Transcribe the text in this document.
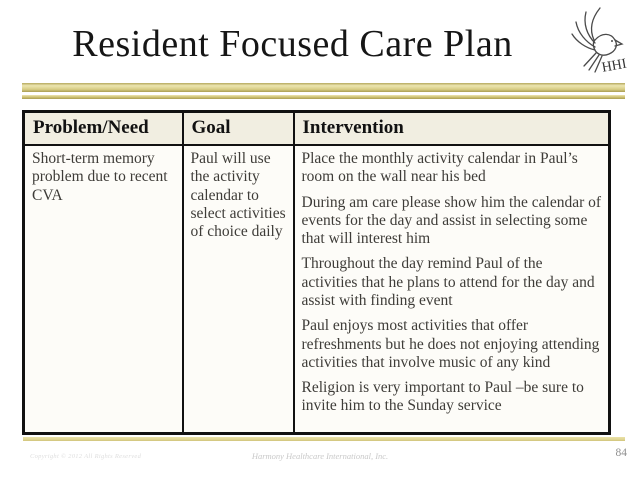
Resident Focused Care Plan
HHI
Problem/Need	Goal	Intervention
Short-term memory problem due to recent CVA	Paul will use the activity calendar to select activities of choice daily	Place the monthly activity calendar in Paul’s room on the wall near his bed

During am care please show him the calendar of events for the day and assist in selecting some that will interest him

Throughout the day remind Paul of the activities that he plans to attend for the day and assist with finding event

Paul enjoys most activities that offer refreshments but he does not enjoying attending activities that involve music of any kind

Religion is very important to Paul –be sure to invite him to the Sunday service

Copyright © 2012 All Rights Reserved	Harmony Healthcare International, Inc.	84
